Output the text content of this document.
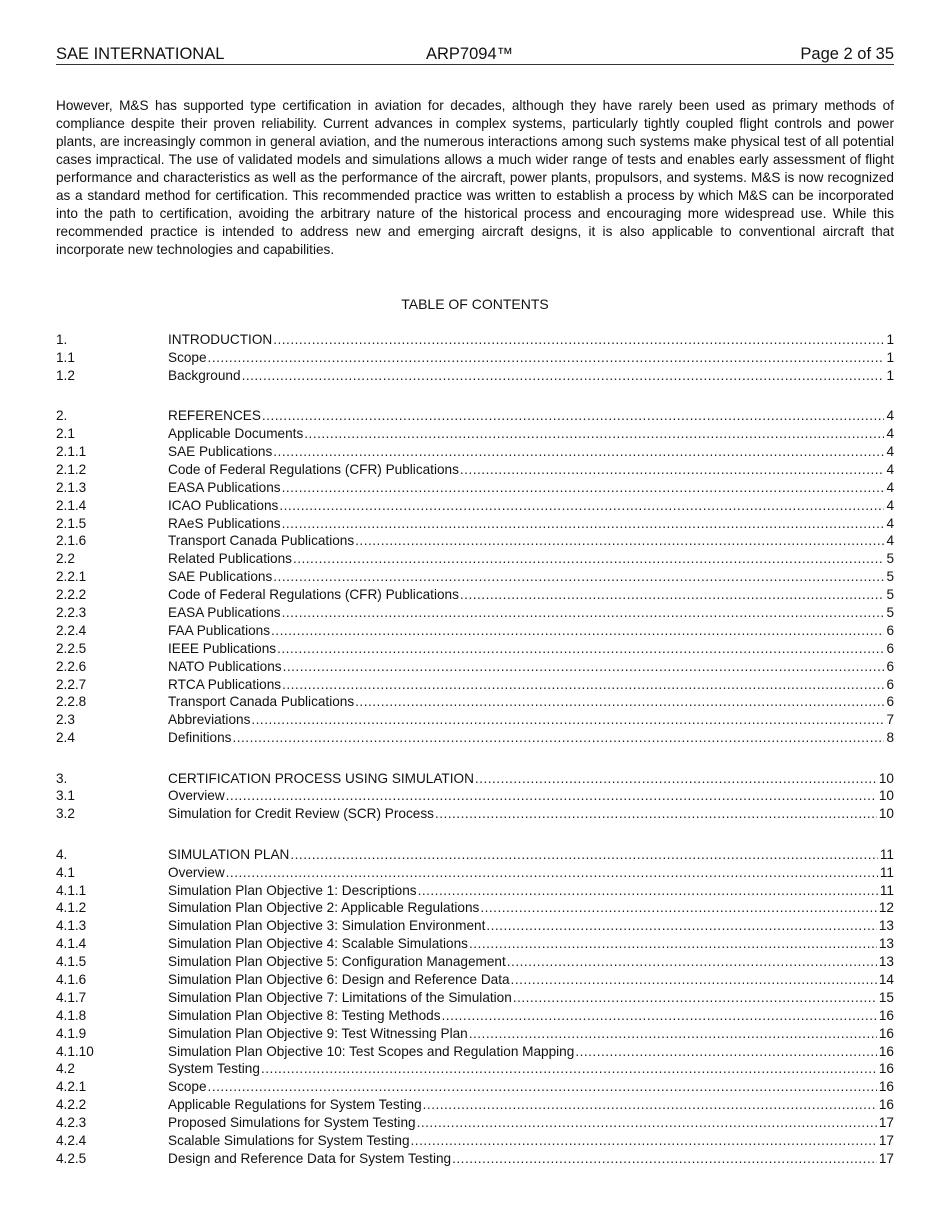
SAE INTERNATIONAL	ARP7094™	Page 2 of 35
However, M&S has supported type certification in aviation for decades, although they have rarely been used as primary methods of compliance despite their proven reliability. Current advances in complex systems, particularly tightly coupled flight controls and power plants, are increasingly common in general aviation, and the numerous interactions among such systems make physical test of all potential cases impractical. The use of validated models and simulations allows a much wider range of tests and enables early assessment of flight performance and characteristics as well as the performance of the aircraft, power plants, propulsors, and systems. M&S is now recognized as a standard method for certification. This recommended practice was written to establish a process by which M&S can be incorporated into the path to certification, avoiding the arbitrary nature of the historical process and encouraging more widespread use. While this recommended practice is intended to address new and emerging aircraft designs, it is also applicable to conventional aircraft that incorporate new technologies and capabilities.
TABLE OF CONTENTS
1.	INTRODUCTION .....	1
1.1	Scope .....	1
1.2	Background .....	1
2.	REFERENCES .....	4
2.1	Applicable Documents .....	4
2.1.1	SAE Publications .....	4
2.1.2	Code of Federal Regulations (CFR) Publications .....	4
2.1.3	EASA Publications .....	4
2.1.4	ICAO Publications .....	4
2.1.5	RAeS Publications .....	4
2.1.6	Transport Canada Publications .....	4
2.2	Related Publications .....	5
2.2.1	SAE Publications .....	5
2.2.2	Code of Federal Regulations (CFR) Publications .....	5
2.2.3	EASA Publications .....	5
2.2.4	FAA Publications .....	6
2.2.5	IEEE Publications .....	6
2.2.6	NATO Publications .....	6
2.2.7	RTCA Publications .....	6
2.2.8	Transport Canada Publications .....	6
2.3	Abbreviations .....	7
2.4	Definitions .....	8
3.	CERTIFICATION PROCESS USING SIMULATION .....	10
3.1	Overview .....	10
3.2	Simulation for Credit Review (SCR) Process .....	10
4.	SIMULATION PLAN .....	11
4.1	Overview .....	11
4.1.1	Simulation Plan Objective 1: Descriptions .....	11
4.1.2	Simulation Plan Objective 2: Applicable Regulations .....	12
4.1.3	Simulation Plan Objective 3: Simulation Environment .....	13
4.1.4	Simulation Plan Objective 4: Scalable Simulations .....	13
4.1.5	Simulation Plan Objective 5: Configuration Management .....	13
4.1.6	Simulation Plan Objective 6: Design and Reference Data .....	14
4.1.7	Simulation Plan Objective 7: Limitations of the Simulation .....	15
4.1.8	Simulation Plan Objective 8: Testing Methods .....	16
4.1.9	Simulation Plan Objective 9: Test Witnessing Plan .....	16
4.1.10	Simulation Plan Objective 10: Test Scopes and Regulation Mapping .....	16
4.2	System Testing .....	16
4.2.1	Scope .....	16
4.2.2	Applicable Regulations for System Testing .....	16
4.2.3	Proposed Simulations for System Testing .....	17
4.2.4	Scalable Simulations for System Testing .....	17
4.2.5	Design and Reference Data for System Testing .....	17
